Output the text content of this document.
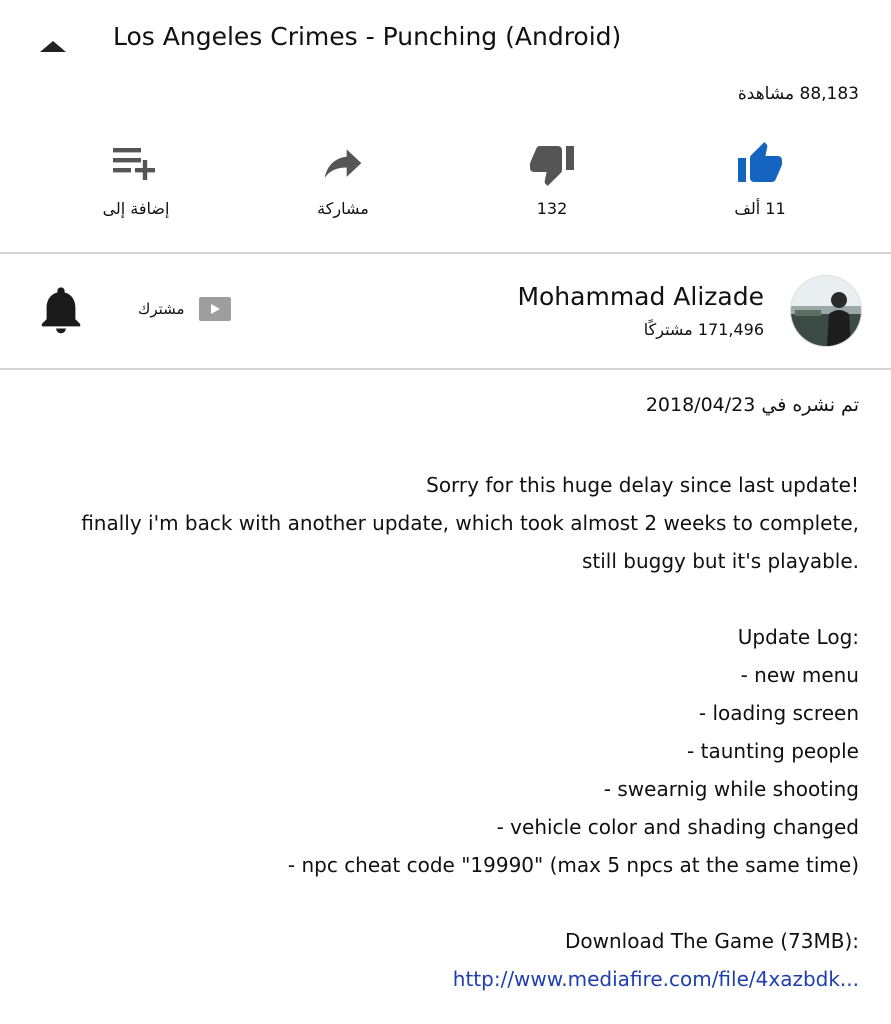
Los Angeles Crimes - Punching (Android)
88,183 مشاهدة
11 ألف
132
مشاركة
إضافة إلى
Mohammad Alizade
171,496 مشتركًا
مشترك
تم نشره في 2018/04/23
Sorry for this huge delay since last update!
finally i'm back with another update, which took almost 2 weeks to complete,
still buggy but it's playable.
Update Log:
- new menu
- loading screen
- taunting people
- swearnig while shooting
- vehicle color and shading changed
- npc cheat code "19990" (max 5 npcs at the same time)
Download The Game (73MB):
http://www.mediafire.com/file/4xazbdk...
